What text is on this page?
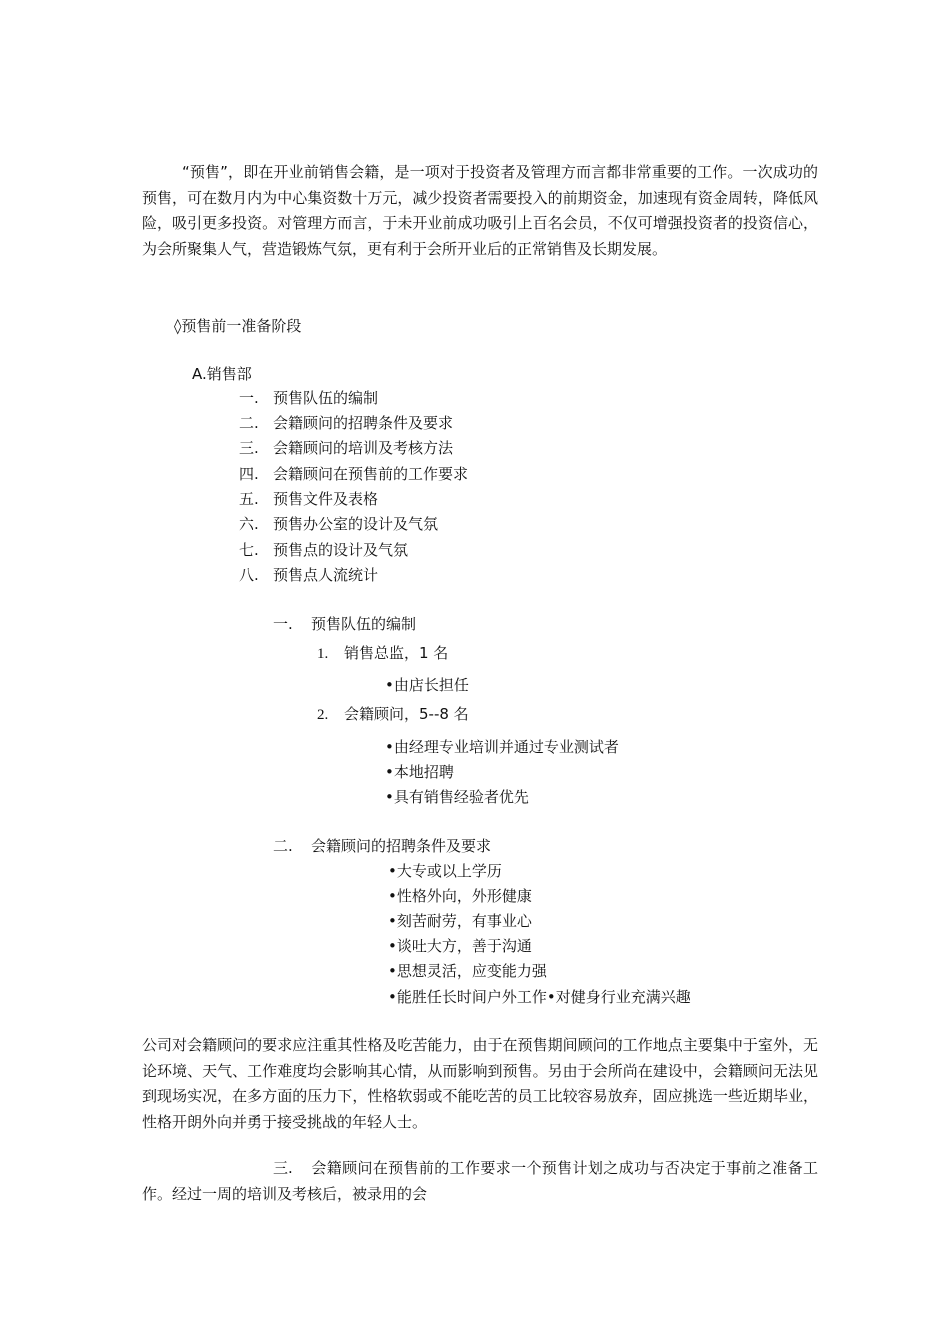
“预售”，即在开业前销售会籍，是一项对于投资者及管理方而言都非常重要的工作。一次成功的预售，可在数月内为中心集资数十万元，减少投资者需要投入的前期资金，加速现有资金周转，降低风险，吸引更多投资。对管理方而言，于未开业前成功吸引上百名会员，不仅可增强投资者的投资信心，为会所聚集人气，营造锻炼气氛，更有利于会所开业后的正常销售及长期发展。

◊预售前一准备阶段
A.销售部
一. 预售队伍的编制
二. 会籍顾问的招聘条件及要求
三. 会籍顾问的培训及考核方法
四. 会籍顾问在预售前的工作要求
五. 预售文件及表格
六. 预售办公室的设计及气氛
七. 预售点的设计及气氛
八. 预售点人流统计
一. 预售队伍的编制
1. 销售总监，1 名
•由店长担任
2. 会籍顾问，5--8 名
•由经理专业培训并通过专业测试者
•本地招聘
•具有销售经验者优先
二. 会籍顾问的招聘条件及要求
•大专或以上学历
•性格外向，外形健康
•刻苦耐劳，有事业心
•谈吐大方，善于沟通
•思想灵活，应变能力强
•能胜任长时间户外工作•对健身行业充满兴趣

公司对会籍顾问的要求应注重其性格及吃苦能力，由于在预售期间顾问的工作地点主要集中于室外，无论环境、天气、工作难度均会影响其心情，从而影响到预售。另由于会所尚在建设中，会籍顾问无法见到现场实况，在多方面的压力下，性格软弱或不能吃苦的员工比较容易放弃，固应挑选一些近期毕业，性格开朗外向并勇于接受挑战的年轻人士。

三. 会籍顾问在预售前的工作要求一个预售计划之成功与否决定于事前之准备工作。经过一周的培训及考核后，被录用的会
